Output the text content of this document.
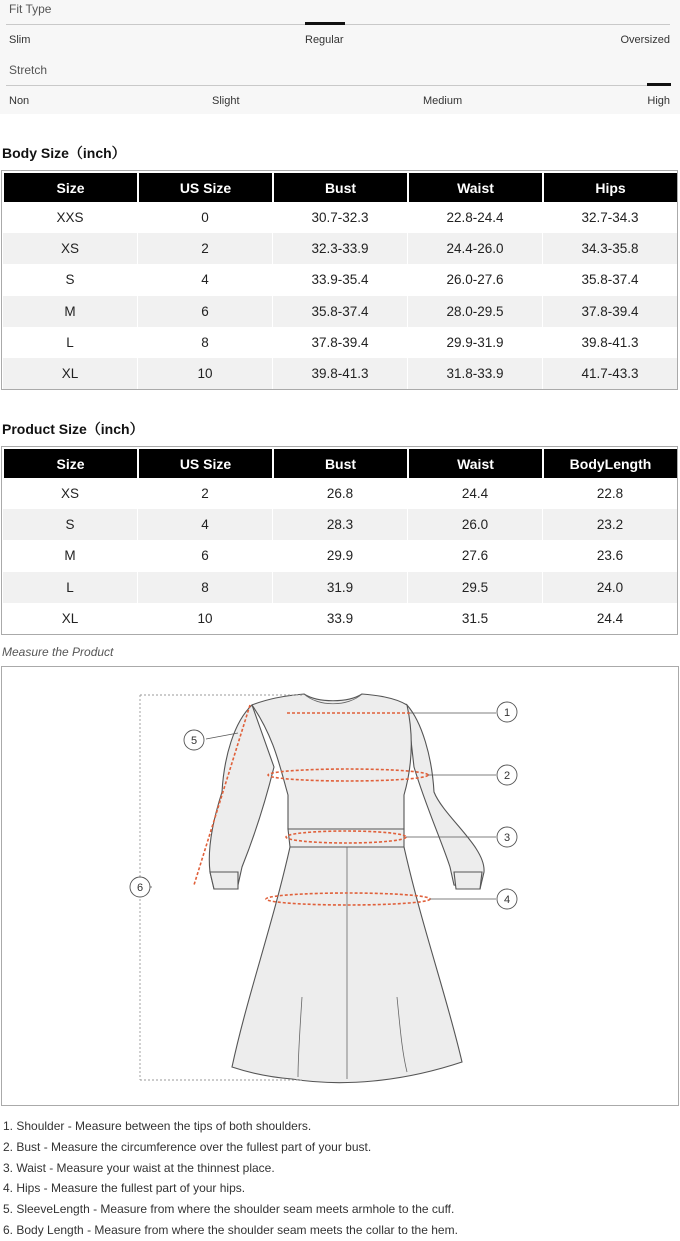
Fit Type
Slim	Regular	Oversized
Stretch
Non	Slight	Medium	High
Body Size（inch）
Size	US Size	Bust	Waist	Hips
XXS	0	30.7-32.3	22.8-24.4	32.7-34.3
XS	2	32.3-33.9	24.4-26.0	34.3-35.8
S	4	33.9-35.4	26.0-27.6	35.8-37.4
M	6	35.8-37.4	28.0-29.5	37.8-39.4
L	8	37.8-39.4	29.9-31.9	39.8-41.3
XL	10	39.8-41.3	31.8-33.9	41.7-43.3
Product Size（inch）
Size	US Size	Bust	Waist	BodyLength
XS	2	26.8	24.4	22.8
S	4	28.3	26.0	23.2
M	6	29.9	27.6	23.6
L	8	31.9	29.5	24.0
XL	10	33.9	31.5	24.4
Measure the Product
1
2
3
4
5
6
1. Shoulder - Measure between the tips of both shoulders.
2. Bust - Measure the circumference over the fullest part of your bust.
3. Waist - Measure your waist at the thinnest place.
4. Hips - Measure the fullest part of your hips.
5. SleeveLength - Measure from where the shoulder seam meets armhole to the cuff.
6. Body Length - Measure from where the shoulder seam meets the collar to the hem.
